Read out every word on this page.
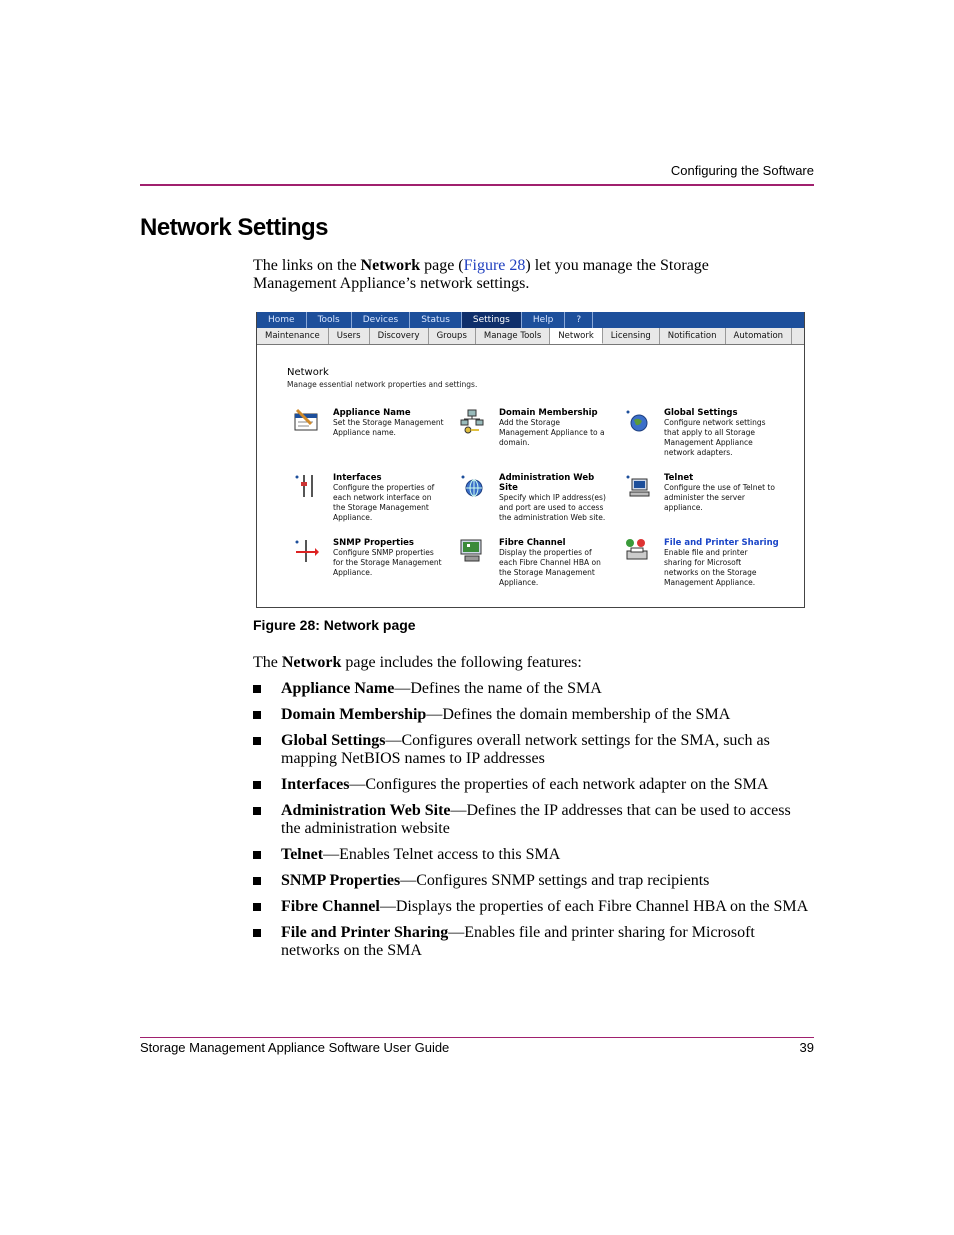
Configuring the Software
Network Settings

The links on the Network page (Figure 28) let you manage the Storage Management Appliance’s network settings.

Home	Tools	Devices	Status	Settings	Help	?
Maintenance	Users	Discovery	Groups	Manage Tools	Network	Licensing	Notification	Automation
Network
Manage essential network properties and settings.
Appliance Name
Set the Storage Management Appliance name.
Domain Membership
Add the Storage Management Appliance to a domain.
Global Settings
Configure network settings that apply to all Storage Management Appliance network adapters.
Interfaces
Configure the properties of each network interface on the Storage Management Appliance.
Administration Web Site
Specify which IP address(es) and port are used to access the administration Web site.
Telnet
Configure the use of Telnet to administer the server appliance.
SNMP Properties
Configure SNMP properties for the Storage Management Appliance.
Fibre Channel
Display the properties of each Fibre Channel HBA on the Storage Management Appliance.
File and Printer Sharing
Enable file and printer sharing for Microsoft networks on the Storage Management Appliance.

Figure 28: Network page

The Network page includes the following features:

Appliance Name—Defines the name of the SMA
Domain Membership—Defines the domain membership of the SMA
Global Settings—Configures overall network settings for the SMA, such as mapping NetBIOS names to IP addresses
Interfaces—Configures the properties of each network adapter on the SMA
Administration Web Site—Defines the IP addresses that can be used to access the administration website
Telnet—Enables Telnet access to this SMA
SNMP Properties—Configures SNMP settings and trap recipients
Fibre Channel—Displays the properties of each Fibre Channel HBA on the SMA
File and Printer Sharing—Enables file and printer sharing for Microsoft networks on the SMA
Storage Management Appliance Software User Guide	39
